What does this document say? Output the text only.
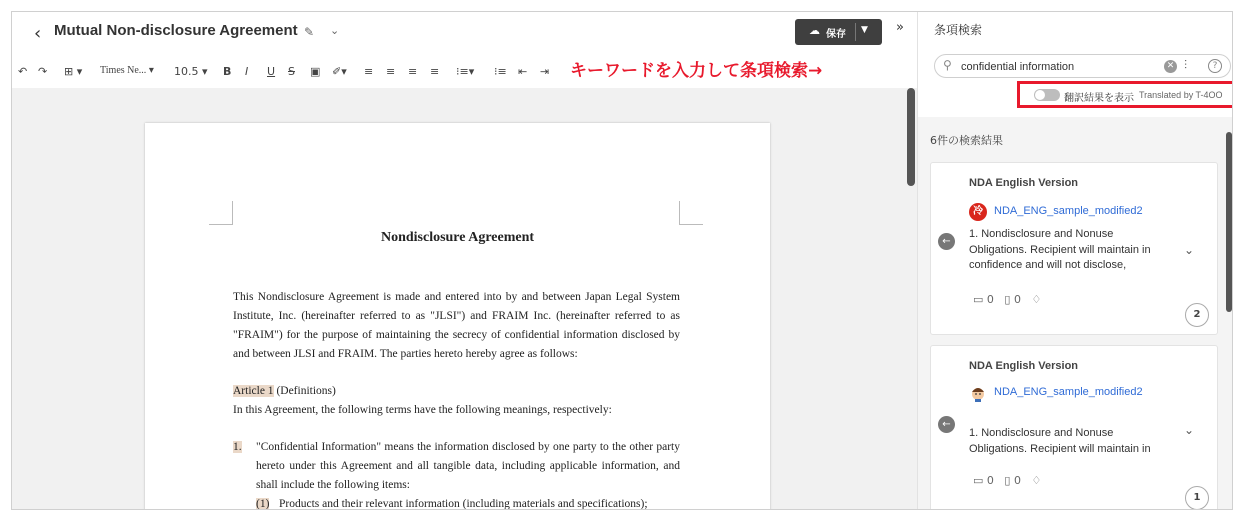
‹ Mutual Non-disclosure Agreement ✎ ⌄	☁ 保存 ▼	»
↶ ↷ ⊞ ▾ Times Ne... ▾ 10.5 ▾ B I U S ▣ ✐▾ ≡ ≡ ≡ ≡ ⁝≡▾ ⁝≡ ⇤ ⇥ キーワードを入力して条項検索→
Nondisclosure Agreement
This Nondisclosure Agreement is made and entered into by and between Japan Legal System Institute, Inc. (hereinafter referred to as "JLSI") and FRAIM Inc. (hereinafter referred to as "FRAIM") for the purpose of maintaining the secrecy of confidential information disclosed by and between JLSI and FRAIM. The parties hereto hereby agree as follows:
Article 1 (Definitions)
In this Agreement, the following terms have the following meanings, respectively:
1.	"Confidential Information" means the information disclosed by one party to the other party hereto under this Agreement and all tangible data, including applicable information, and shall include the following items:
(1) Products and their relevant information (including materials and specifications);
条項検索
⚲
confidential information	✕ ⫶	?
翻訳結果を表示 Translated by T-4OO
6件の検索結果
NDA English Version
冷	NDA_ENG_sample_modified2
←
1. Nondisclosure and Nonuse Obligations. Recipient will maintain in confidence and will not disclose,
⌄
▭ 0 ▯ 0 ♢
2
NDA English Version
NDA_ENG_sample_modified2
←
1. Nondisclosure and Nonuse Obligations. Recipient will maintain in
⌄
▭ 0 ▯ 0 ♢
1
